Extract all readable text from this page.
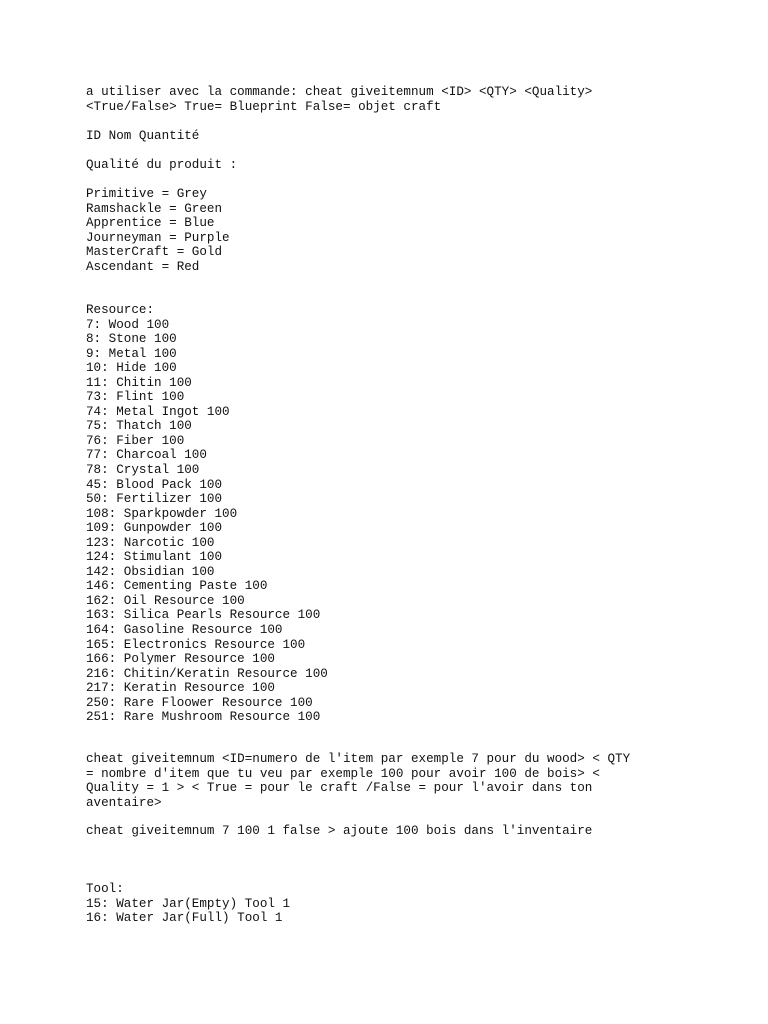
a utiliser avec la commande: cheat giveitemnum <ID> <QTY> <Quality>
<True/False> True= Blueprint False= objet craft
ID Nom Quantité
Qualité du produit :
Primitive = Grey
Ramshackle = Green
Apprentice = Blue
Journeyman = Purple
MasterCraft = Gold
Ascendant = Red
Resource:
7: Wood 100
8: Stone 100
9: Metal 100
10: Hide 100
11: Chitin 100
73: Flint 100
74: Metal Ingot 100
75: Thatch 100
76: Fiber 100
77: Charcoal 100
78: Crystal 100
45: Blood Pack 100
50: Fertilizer 100
108: Sparkpowder 100
109: Gunpowder 100
123: Narcotic 100
124: Stimulant 100
142: Obsidian 100
146: Cementing Paste 100
162: Oil Resource 100
163: Silica Pearls Resource 100
164: Gasoline Resource 100
165: Electronics Resource 100
166: Polymer Resource 100
216: Chitin/Keratin Resource 100
217: Keratin Resource 100
250: Rare Floower Resource 100
251: Rare Mushroom Resource 100
cheat giveitemnum <ID=numero de l'item par exemple 7 pour du wood> < QTY
= nombre d'item que tu veu par exemple 100 pour avoir 100 de bois> <
Quality = 1 > < True = pour le craft /False = pour l'avoir dans ton
aventaire>
cheat giveitemnum 7 100 1 false > ajoute 100 bois dans l'inventaire
Tool:
15: Water Jar(Empty) Tool 1
16: Water Jar(Full) Tool 1
